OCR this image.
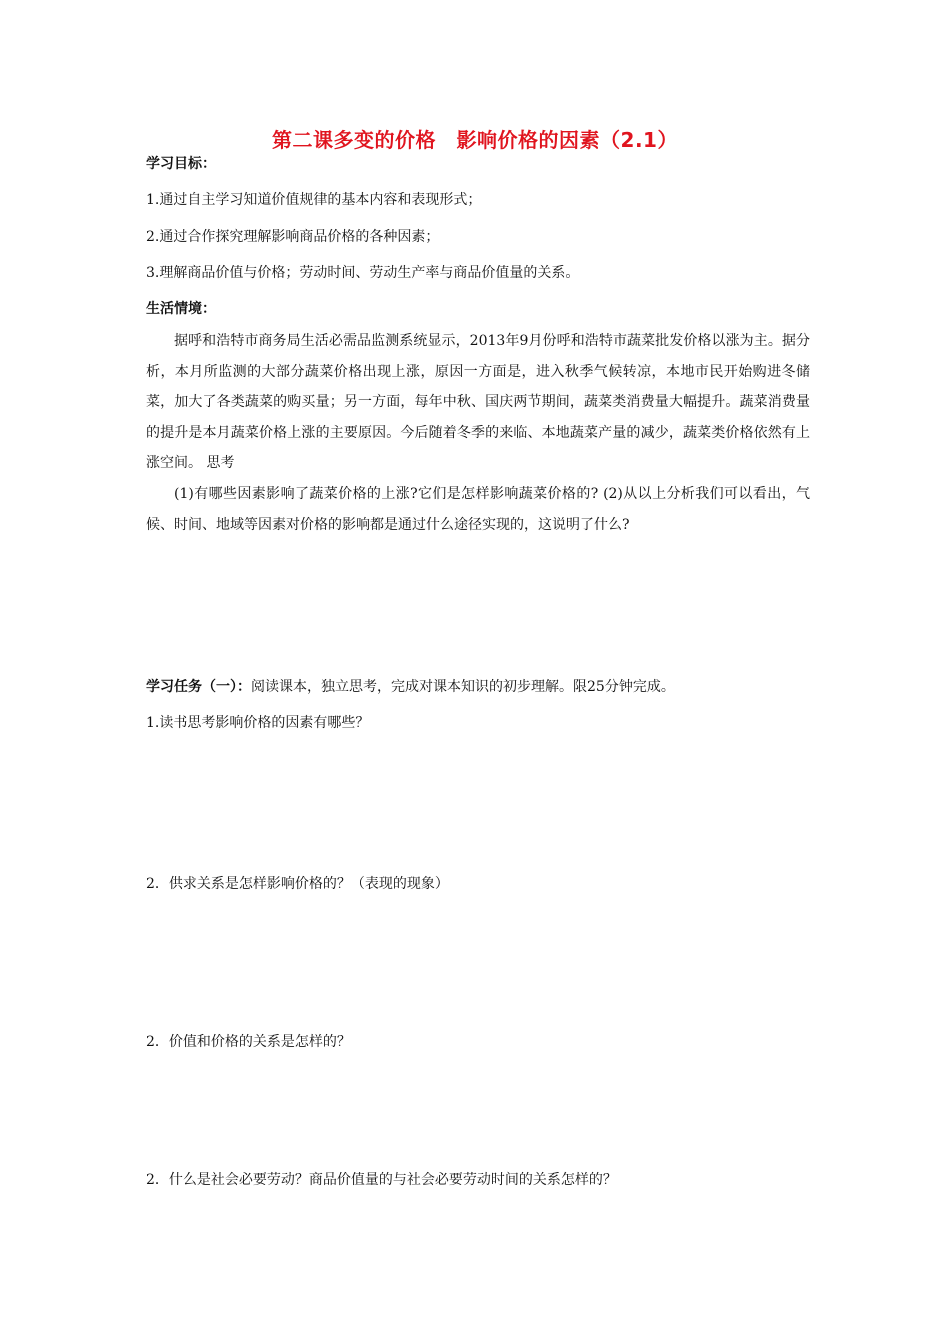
第二课多变的价格　影响价格的因素（2.1）
学习目标：
1.通过自主学习知道价值规律的基本内容和表现形式；
2.通过合作探究理解影响商品价格的各种因素；
3.理解商品价值与价格；劳动时间、劳动生产率与商品价值量的关系。
生活情境：

据呼和浩特市商务局生活必需品监测系统显示，2013年9月份呼和浩特市蔬菜批发价格以涨为主。据分析，本月所监测的大部分蔬菜价格出现上涨，原因一方面是，进入秋季气候转凉，本地市民开始购进冬储菜，加大了各类蔬菜的购买量；另一方面，每年中秋、国庆两节期间，蔬菜类消费量大幅提升。蔬菜消费量的提升是本月蔬菜价格上涨的主要原因。今后随着冬季的来临、本地蔬菜产量的减少，蔬菜类价格依然有上涨空间。 思考

(1)有哪些因素影响了蔬菜价格的上涨?它们是怎样影响蔬菜价格的? (2)从以上分析我们可以看出，气候、时间、地域等因素对价格的影响都是通过什么途径实现的，这说明了什么?

学习任务（一）：阅读课本，独立思考，完成对课本知识的初步理解。限25分钟完成。
1.读书思考影响价格的因素有哪些？
2．供求关系是怎样影响价格的？（表现的现象）
2．价值和价格的关系是怎样的？
2．什么是社会必要劳动？商品价值量的与社会必要劳动时间的关系怎样的？
